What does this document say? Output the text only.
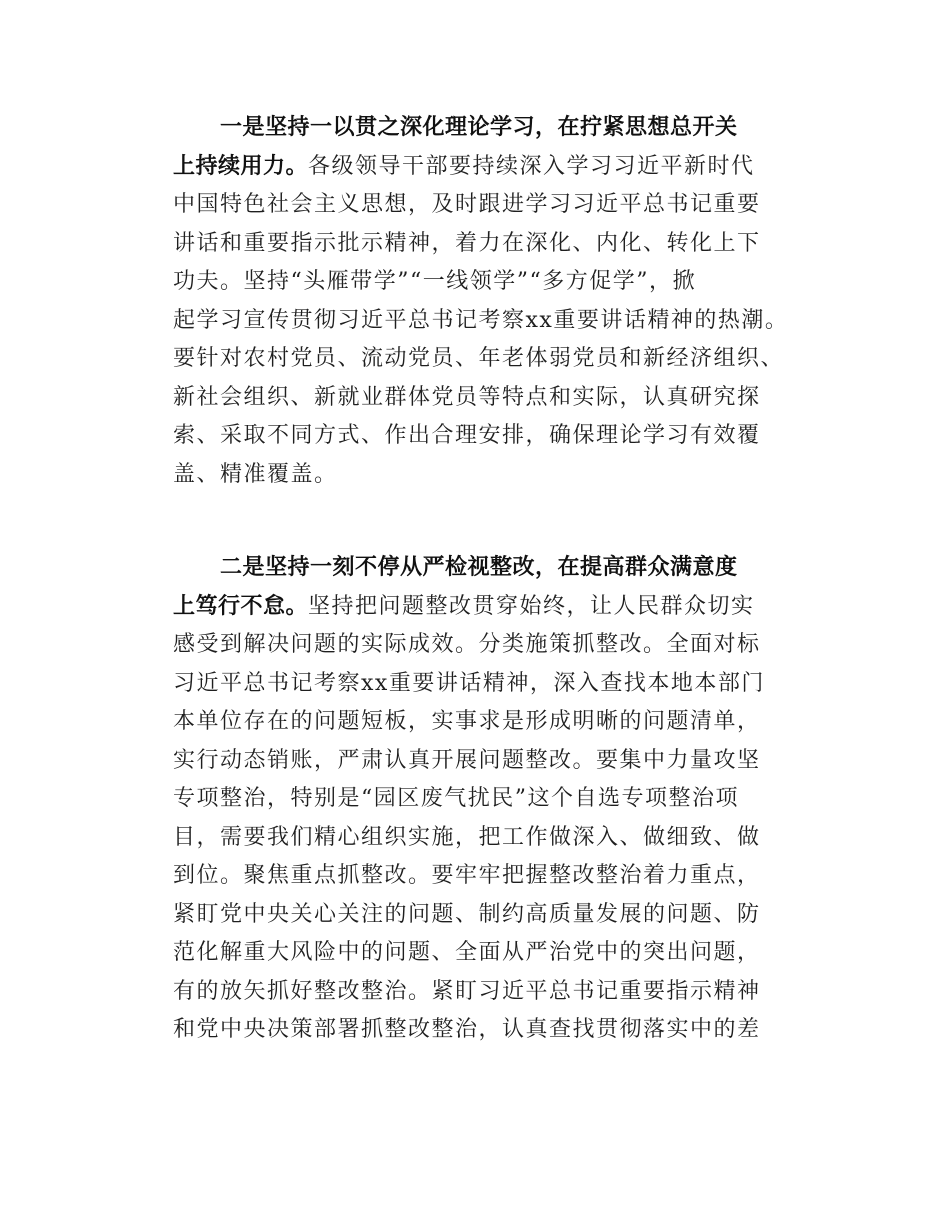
一是坚持一以贯之深化理论学习，在拧紧思想总开关
上持续用力。各级领导干部要持续深入学习习近平新时代
中国特色社会主义思想，及时跟进学习习近平总书记重要
讲话和重要指示批示精神，着力在深化、内化、转化上下
功夫。坚持“头雁带学”“一线领学”“多方促学”，掀
起学习宣传贯彻习近平总书记考察xx重要讲话精神的热潮。
要针对农村党员、流动党员、年老体弱党员和新经济组织、
新社会组织、新就业群体党员等特点和实际，认真研究探
索、采取不同方式、作出合理安排，确保理论学习有效覆
盖、精准覆盖。
二是坚持一刻不停从严检视整改，在提高群众满意度
上笃行不怠。坚持把问题整改贯穿始终，让人民群众切实
感受到解决问题的实际成效。分类施策抓整改。全面对标
习近平总书记考察xx重要讲话精神，深入查找本地本部门
本单位存在的问题短板，实事求是形成明晰的问题清单，
实行动态销账，严肃认真开展问题整改。要集中力量攻坚
专项整治，特别是“园区废气扰民”这个自选专项整治项
目，需要我们精心组织实施，把工作做深入、做细致、做
到位。聚焦重点抓整改。要牢牢把握整改整治着力重点，
紧盯党中央关心关注的问题、制约高质量发展的问题、防
范化解重大风险中的问题、全面从严治党中的突出问题，
有的放矢抓好整改整治。紧盯习近平总书记重要指示精神
和党中央决策部署抓整改整治，认真查找贯彻落实中的差
